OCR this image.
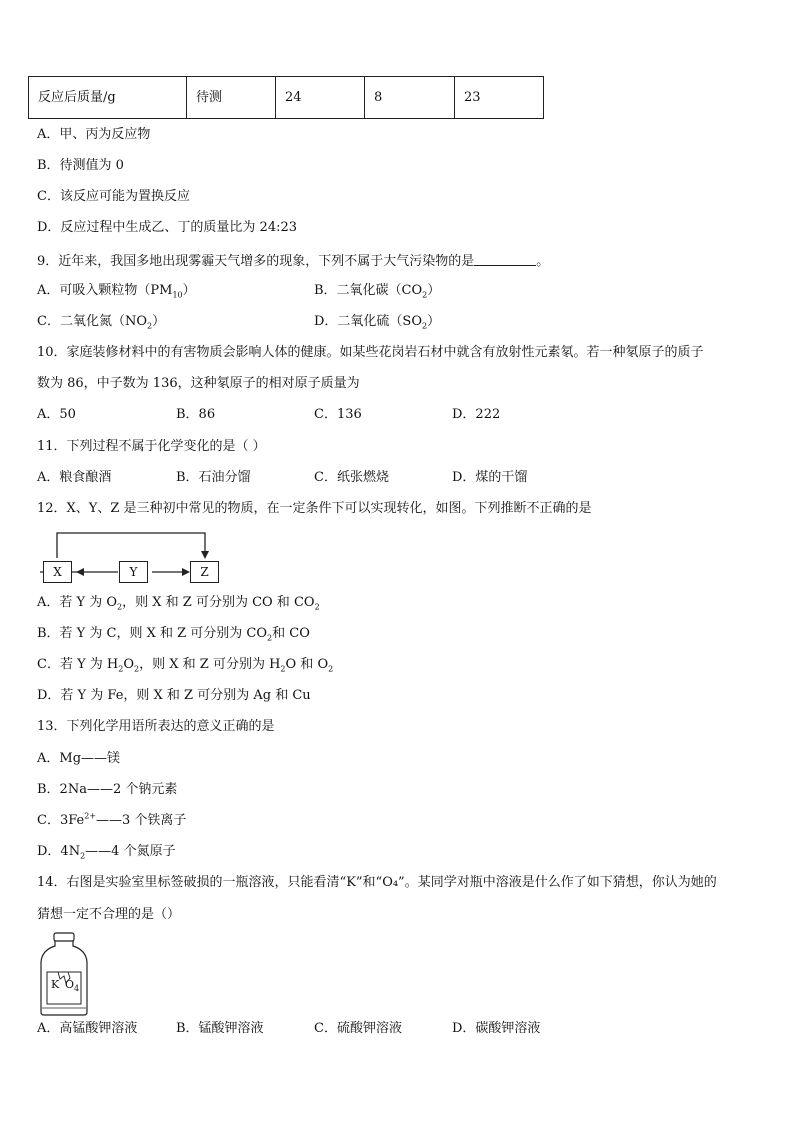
反应后质量/g	待测	24	8	23
A．甲、丙为反应物
B．待测值为 0
C．该反应可能为置换反应
D．反应过程中生成乙、丁的质量比为 24:23
9．近年来，我国多地出现雾霾天气增多的现象，下列不属于大气污染物的是	。
A．可吸入颗粒物$(PM_{10})$	B．二氧化碳$(CO_2)$
C．二氧化氮$(NO_2)$	D．二氧化硫$(SO_2)$
10．家庭装修材料中的有害物质会影响人体的健康。如某些花岗岩石材中就含有放射性元素氡。若一种氡原子的质子
数为 86，中子数为 136，这种氡原子的相对原子质量为
A．50	B．86	C．136	D．222
11．下列过程不属于化学变化的是（ ）
A．粮食酿酒	B．石油分馏	C．纸张燃烧	D．煤的干馏
12．X、Y、Z 是三种初中常见的物质，在一定条件下可以实现转化，如图。下列推断不正确的是
X	Y	Z
A．若 Y 为 $O_2$，则 X 和 Z 可分别为 CO 和 $CO_2$
B．若 Y 为 C，则 X 和 Z 可分别为 $CO_2$和 CO
C．若 Y 为 $H_2O_2$，则 X 和 Z 可分别为 $H_2O$ 和 $O_2$
D．若 Y 为 Fe，则 X 和 Z 可分别为 Ag 和 Cu
13．下列化学用语所表达的意义正确的是
A．Mg——镁
B．2Na——2 个钠元素
C．$3Fe^{2+}——3$ 个铁离子
D．$4N_2——4$ 个氮原子
14．右图是实验室里标签破损的一瓶溶液，只能看清“K”和“O₄”。某同学对瓶中溶液是什么作了如下猜想，你认为她的
猜想一定不合理的是（）
K $O_4$
A．高锰酸钾溶液	B．锰酸钾溶液	C．硫酸钾溶液	D．碳酸钾溶液
